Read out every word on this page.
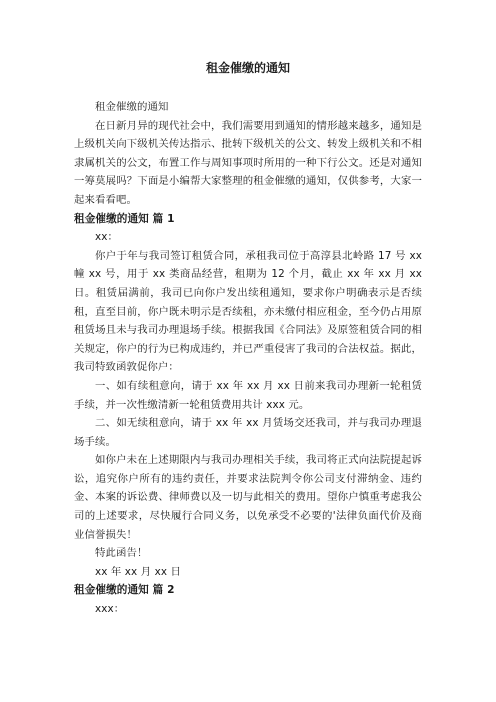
租金催缴的通知

租金催缴的通知

在日新月异的现代社会中，我们需要用到通知的情形越来越多，通知是上级机关向下级机关传达指示、批转下级机关的公文、转发上级机关和不相隶属机关的公文，布置工作与周知事项时所用的一种下行公文。还是对通知一筹莫展吗？下面是小编帮大家整理的租金催缴的通知，仅供参考，大家一起来看看吧。

租金催缴的通知 篇 1

xx：

你户于年与我司签订租赁合同，承租我司位于高淳县北岭路 17 号 xx 幢 xx 号，用于 xx 类商品经营，租期为 12 个月，截止 xx 年 xx 月 xx 日。租赁届满前，我司已向你户发出续租通知，要求你户明确表示是否续租，直至目前，你户既未明示是否续租，亦未缴付相应租金，至今仍占用原租赁场且未与我司办理退场手续。根据我国《合同法》及原签租赁合同的相关规定，你户的行为已构成违约，并已严重侵害了我司的合法权益。据此，我司特致函敦促你户：

一、如有续租意向，请于 xx 年 xx 月 xx 日前来我司办理新一轮租赁手续，并一次性缴清新一轮租赁费用共计 xxx 元。

二、如无续租意向，请于 xx 年 xx 月赁场交还我司，并与我司办理退场手续。

如你户未在上述期限内与我司办理相关手续，我司将正式向法院提起诉讼，追究你户所有的违约责任，并要求法院判令你公司支付滞纳金、违约金、本案的诉讼费、律师费以及一切与此相关的费用。望你户慎重考虑我公司的上述要求，尽快履行合同义务，以免承受不必要的'法律负面代价及商业信誉损失！

特此函告！

xx 年 xx 月 xx 日

租金催缴的通知 篇 2

xxx：
